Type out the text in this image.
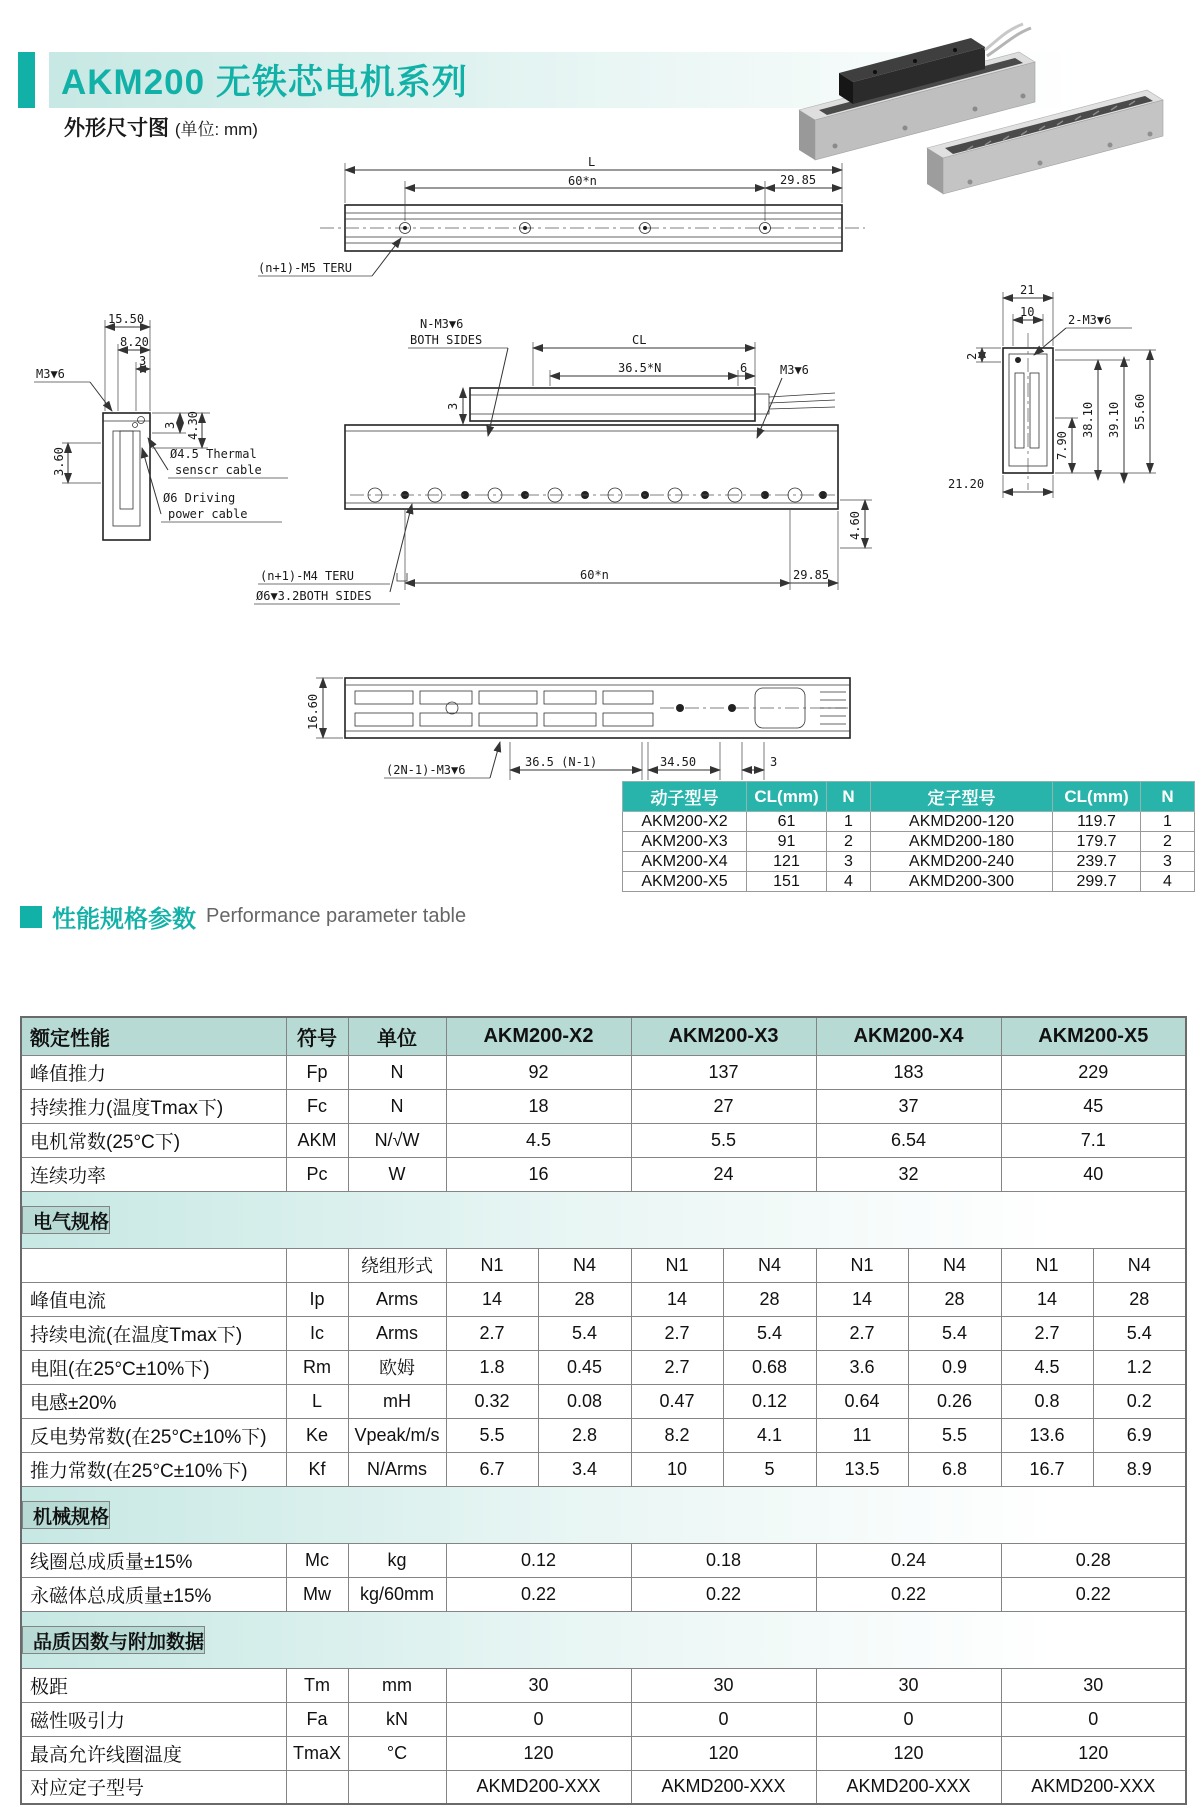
AKM200 无铁芯电机系列
外形尺寸图 (单位: mm)
L
60*n	29.85
(n+1)-M5 TERU
15.50
8.20
3
3 4.30
3.60
M3▼6
Ø4.5 Thermal
senscr cable
Ø6 Driving
power cable
CL
36.5*N	6
N-M3▼6
BOTH SIDES
M3▼6
3
(n+1)-M4 TERU
Ø6▼3.2BOTH SIDES
60*n	29.85
4.60
21
10
2-M3▼6
2
7.90
38.10 39.10 55.60
21.20
16.60
(2N-1)-M3▼6
36.5 (N-1)	34.50	3
动子型号	CL(mm)	N	定子型号	CL(mm)	N
AKM200-X2	61	1	AKMD200-120	119.7	1
AKM200-X3	91	2	AKMD200-180	179.7	2
AKM200-X4	121	3	AKMD200-240	239.7	3
AKM200-X5	151	4	AKMD200-300	299.7	4
性能规格参数 Performance parameter table
额定性能	符号	单位	AKM200-X2	AKM200-X3	AKM200-X4	AKM200-X5
峰值推力	Fp	N	92	137	183	229
持续推力(温度Tmax下)	Fc	N	18	27	37	45
电机常数(25°C下)	AKM	N/√W	4.5	5.5	6.54	7.1
连续功率	Pc	W	16	24	32	40

电气规格
		绕组形式	N1	N4	N1	N4	N1	N4	N1	N4
峰值电流	Ip	Arms	14	28	14	28	14	28	14	28
持续电流(在温度Tmax下)	Ic	Arms	2.7	5.4	2.7	5.4	2.7	5.4	2.7	5.4
电阻(在25°C±10%下)	Rm	欧姆	1.8	0.45	2.7	0.68	3.6	0.9	4.5	1.2
电感±20%	L	mH	0.32	0.08	0.47	0.12	0.64	0.26	0.8	0.2
反电势常数(在25°C±10%下)	Ke	Vpeak/m/s	5.5	2.8	8.2	4.1	11	5.5	13.6	6.9
推力常数(在25°C±10%下)	Kf	N/Arms	6.7	3.4	10	5	13.5	6.8	16.7	8.9

机械规格
线圈总成质量±15%	Mc	kg	0.12	0.18	0.24	0.28
永磁体总成质量±15%	Mw	kg/60mm	0.22	0.22	0.22	0.22

品质因数与附加数据
极距	Tm	mm	30	30	30	30
磁性吸引力	Fa	kN	0	0	0	0
最高允许线圈温度	TmaX	°C	120	120	120	120
对应定子型号			AKMD200-XXX	AKMD200-XXX	AKMD200-XXX	AKMD200-XXX
